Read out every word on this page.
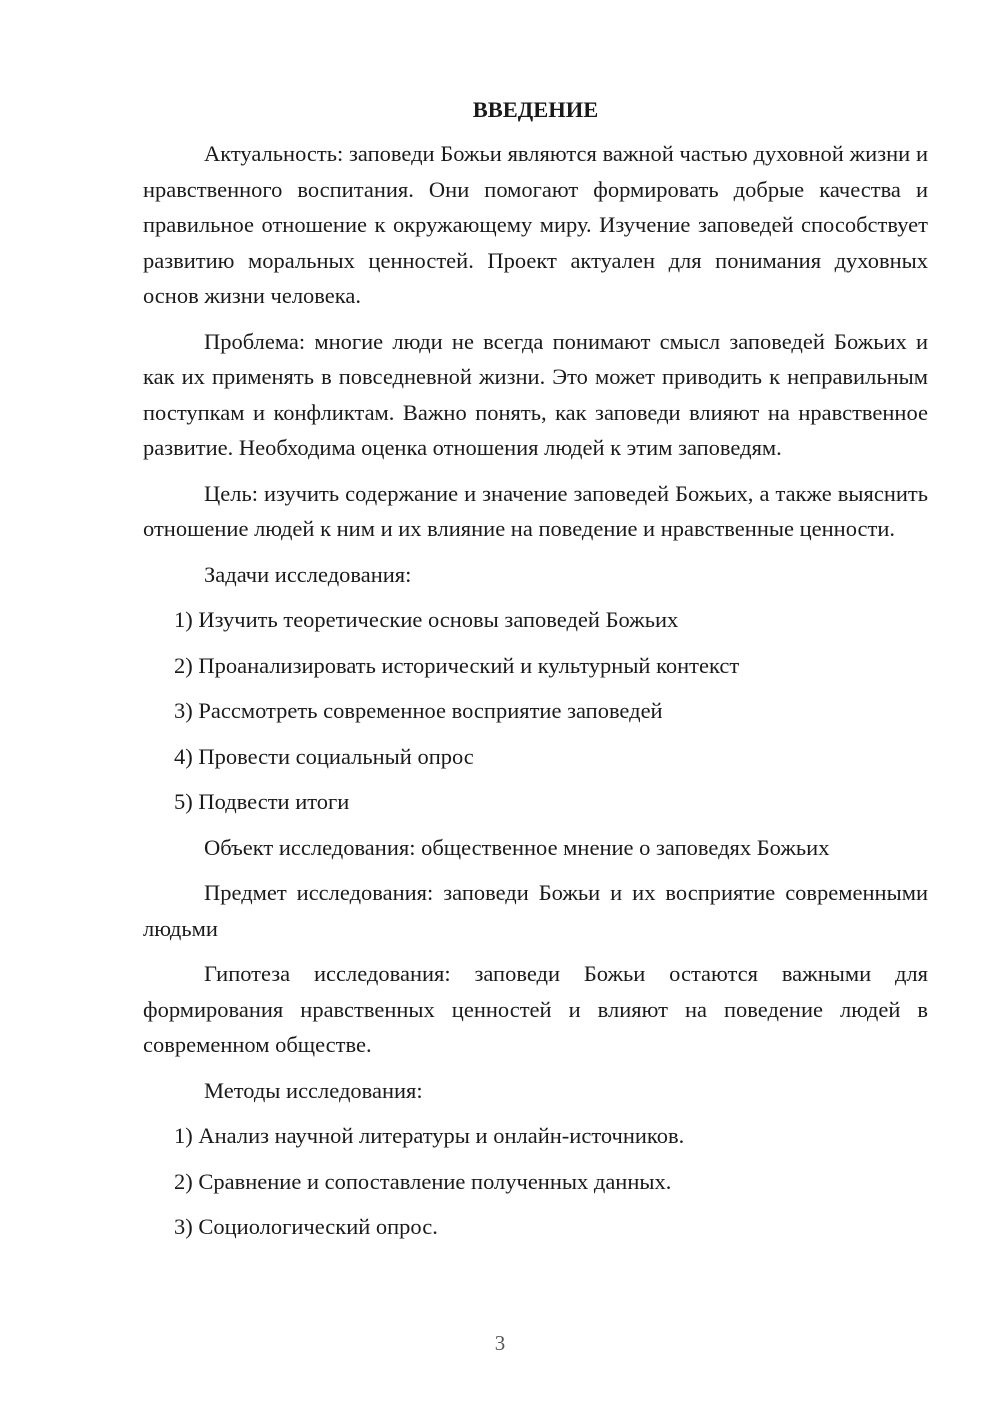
ВВЕДЕНИЕ

Актуальность: заповеди Божьи являются важной частью духовной жизни и нравственного воспитания. Они помогают формировать добрые качества и правильное отношение к окружающему миру. Изучение заповедей способствует развитию моральных ценностей. Проект актуален для понимания духовных основ жизни человека.

Проблема: многие люди не всегда понимают смысл заповедей Божьих и как их применять в повседневной жизни. Это может приводить к неправильным поступкам и конфликтам. Важно понять, как заповеди влияют на нравственное развитие. Необходима оценка отношения людей к этим заповедям.

Цель: изучить содержание и значение заповедей Божьих, а также выяснить отношение людей к ним и их влияние на поведение и нравственные ценности.

Задачи исследования:
1) Изучить теоретические основы заповедей Божьих
2) Проанализировать исторический и культурный контекст
3) Рассмотреть современное восприятие заповедей
4) Провести социальный опрос
5) Подвести итоги
Объект исследования: общественное мнение о заповедях Божьих

Предмет исследования: заповеди Божьи и их восприятие современными людьми

Гипотеза исследования: заповеди Божьи остаются важными для формирования нравственных ценностей и влияют на поведение людей в современном обществе.

Методы исследования:
1) Анализ научной литературы и онлайн-источников.
2) Сравнение и сопоставление полученных данных.
3) Социологический опрос.
3
